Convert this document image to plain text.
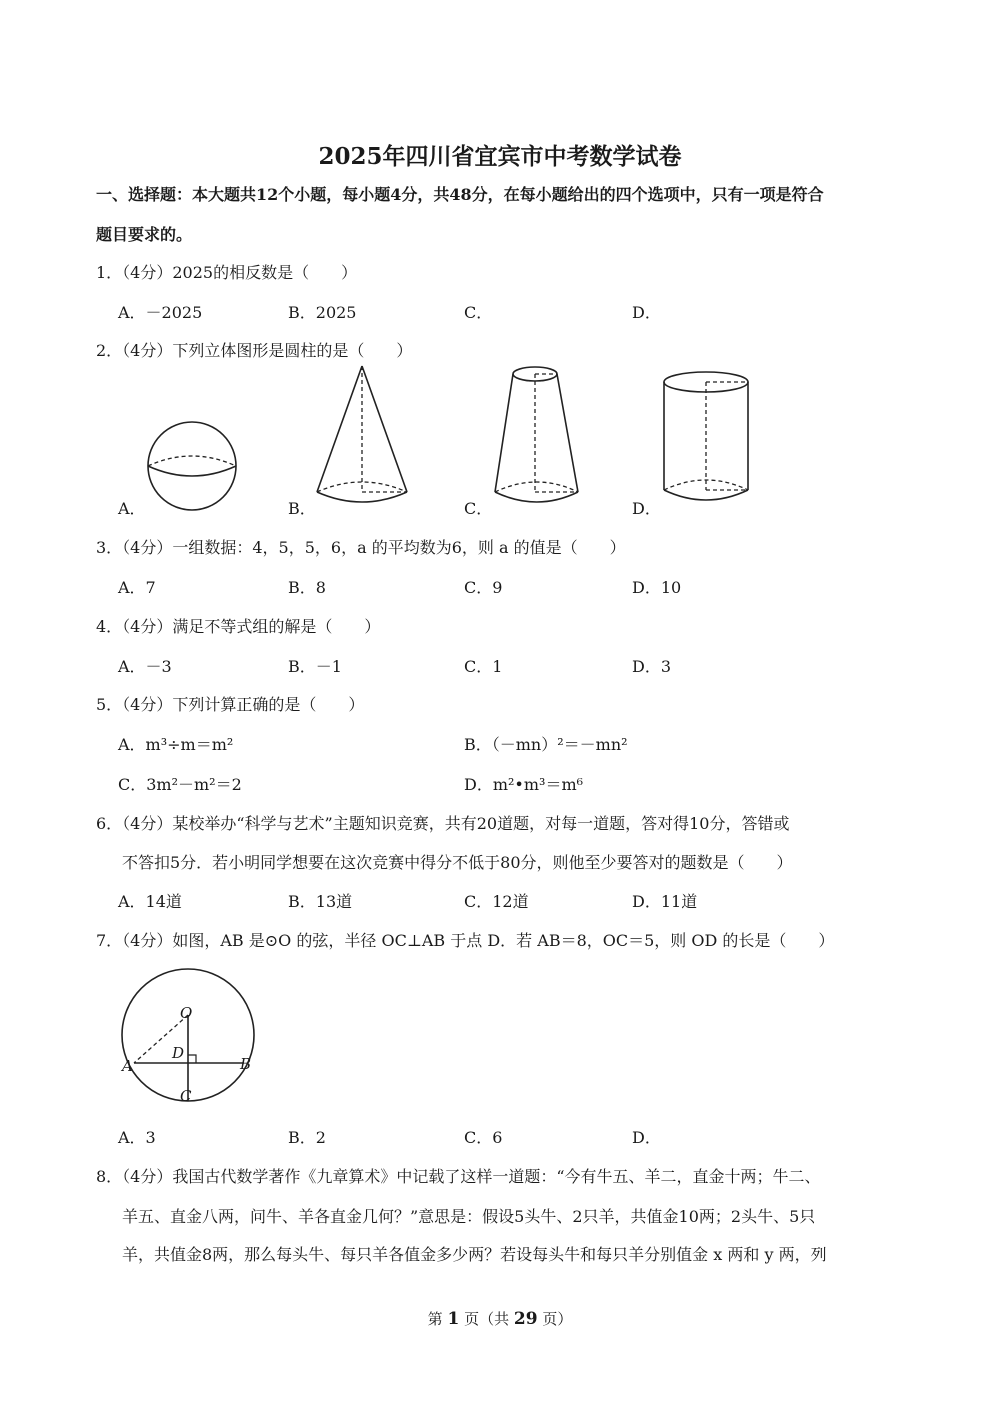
2025年四川省宜宾市中考数学试卷
一、选择题：本大题共12个小题，每小题4分，共48分，在每小题给出的四个选项中，只有一项是符合
题目要求的。
1．（4分）2025的相反数是（　　）
A．－2025	B．2025	C．	D．
2．（4分）下列立体图形是圆柱的是（　　）
A．	B．	C．	D．
3．（4分）一组数据：4，5，5，6，a 的平均数为6，则 a 的值是（　　）
A．7	B．8	C．9	D．10
4．（4分）满足不等式组的解是（　　）
A．－3	B．－1	C．1	D．3
5．（4分）下列计算正确的是（　　）
A．m³÷m＝m²	B．（－mn）²＝－mn²
C．3m²－m²＝2	D．m²•m³＝m⁶
6．（4分）某校举办“科学与艺术”主题知识竞赛，共有20道题，对每一道题，答对得10分，答错或
不答扣5分．若小明同学想要在这次竞赛中得分不低于80分，则他至少要答对的题数是（　　）
A．14道	B．13道	C．12道	D．11道
7．（4分）如图，AB 是⊙O 的弦，半径 OC⊥AB 于点 D．若 AB＝8，OC＝5，则 OD 的长是（　　）
O
D
A	B
C
A．3	B．2	C．6	D．
8．（4分）我国古代数学著作《九章算术》中记载了这样一道题：“今有牛五、羊二，直金十两；牛二、
羊五、直金八两，问牛、羊各直金几何？”意思是：假设5头牛、2只羊，共值金10两；2头牛、5只
羊，共值金8两，那么每头牛、每只羊各值金多少两？若设每头牛和每只羊分别值金 x 两和 y 两，列
第 1 页（共 29 页）
